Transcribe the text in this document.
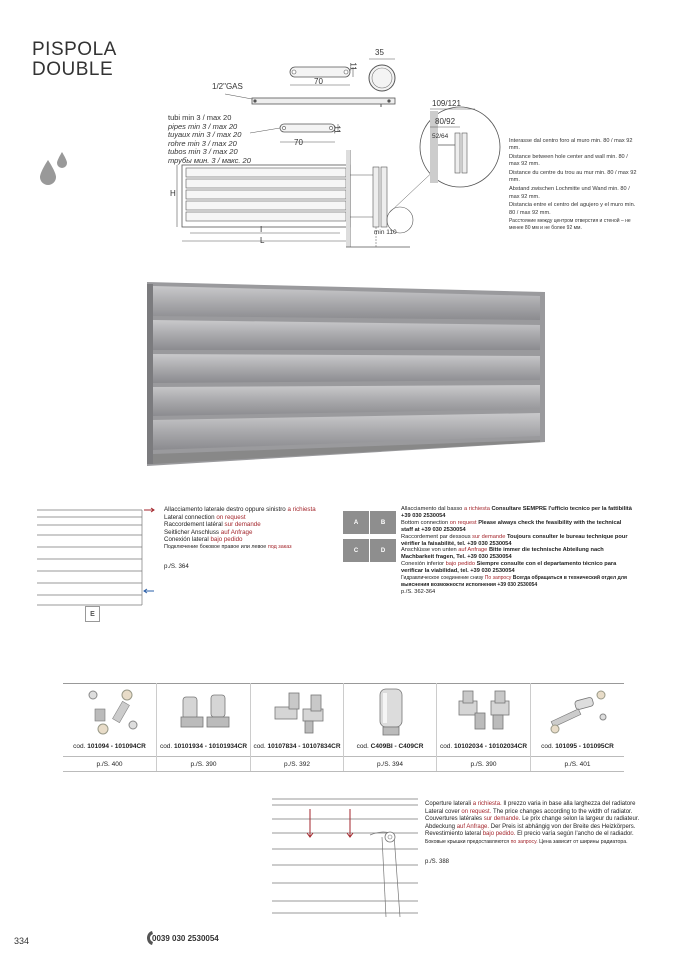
PISPOLA
DOUBLE
35
11
70
1/2"GAS
109/121
80/92
52/64
11
70
H
I
L
min 110
tubi min 3 / max 20
pipes min 3 / max 20
tuyaux min 3 / max 20
rohre min 3 / max 20
tubos min 3 / max 20
трубы мин. 3 / макс. 20

Interasse dal centro foro al muro min. 80 / max 92 mm.

Distance between hole center and wall min. 80 / max 92 mm.

Distance du centre du trou au mur min. 80 / max 92 mm.

Abstand zwischen Lochmitte und Wand min. 80 / max 92 mm.

Distancia entre el centro del agujero y el muro min. 80 / max 92 mm.

Расстояние между центром отверстия и стеной – не менее 80 мм и не более 92 мм.

E
Allacciamento laterale destro oppure sinistro a richiesta
Lateral connection on request
Raccordement latéral sur demande
Seitlicher Anschluss auf Anfrage
Conexión lateral bajo pedido
Подключение боковое правое или левое под заказ
p./S. 364
A	B
C	D
Allacciamento dal basso a richiesta Consultare SEMPRE l'ufficio tecnico per la fattibilità +39 030 2530054
Bottom connection on request Please always check the feasibility with the technical staff at +39 030 2530054
Raccordement par dessous sur demande Toujours consulter le bureau technique pour vérifier la faisabilité, tel. +39 030 2530054
Anschlüsse von unten auf Anfrage Bitte immer die technische Abteilung nach Machbarkeit fragen, Tel. +39 030 2530054
Conexión inferior bajo pedido Siempre consulte con el departamento técnico para verificar la viabilidad, tel. +39 030 2530054
Гидравлическое соединение снизу По запросу Всегда обращаться в технический отдел для выяснения возможности исполнения +39 030 2530054
p./S. 362-364
cod. 101094 - 101094CR
p./S. 400
cod. 10101934 - 10101934CR
p./S. 390
cod. 10107834 - 10107834CR
p./S. 392
cod. C409BI - C409CR
p./S. 394
cod. 10102034 - 10102034CR
p./S. 390
cod. 101095 - 101095CR
p./S. 401
Coperture laterali a richiesta. Il prezzo varia in base alla larghezza del radiatore
Lateral cover on request. The price changes according to the width of radiator.
Couvertures latérales sur demande. Le prix change selon la largeur du radiateur.
Abdeckung auf Anfrage. Der Preis ist abhängig von der Breite des Heizkörpers.
Revestimiento lateral bajo pedido. El precio varía según l'ancho de el radiador.
Боковые крышки предоставляются по запросу. Цена зависит от ширины радиатора.
p./S. 388
334	0039 030 2530054
